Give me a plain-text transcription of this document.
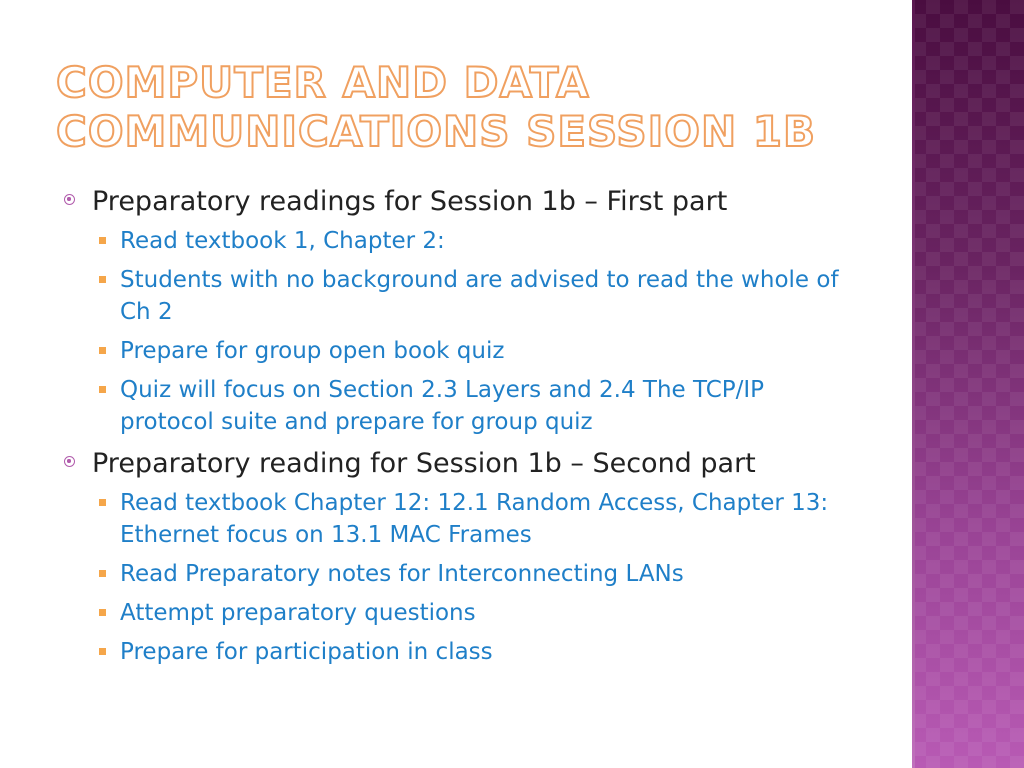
COMPUTER AND DATA
COMMUNICATIONS SESSION 1B
Preparatory readings for Session 1b – First part
Read textbook 1, Chapter 2:
Students with no background are advised to read the whole of Ch 2
Prepare for group open book quiz
Quiz will focus on Section 2.3 Layers and 2.4 The TCP/IP protocol suite and prepare for group quiz
Preparatory reading for Session 1b – Second part
Read textbook Chapter 12: 12.1 Random Access, Chapter 13: Ethernet focus on 13.1 MAC Frames
Read Preparatory notes for Interconnecting LANs
Attempt preparatory questions
Prepare for participation in class
